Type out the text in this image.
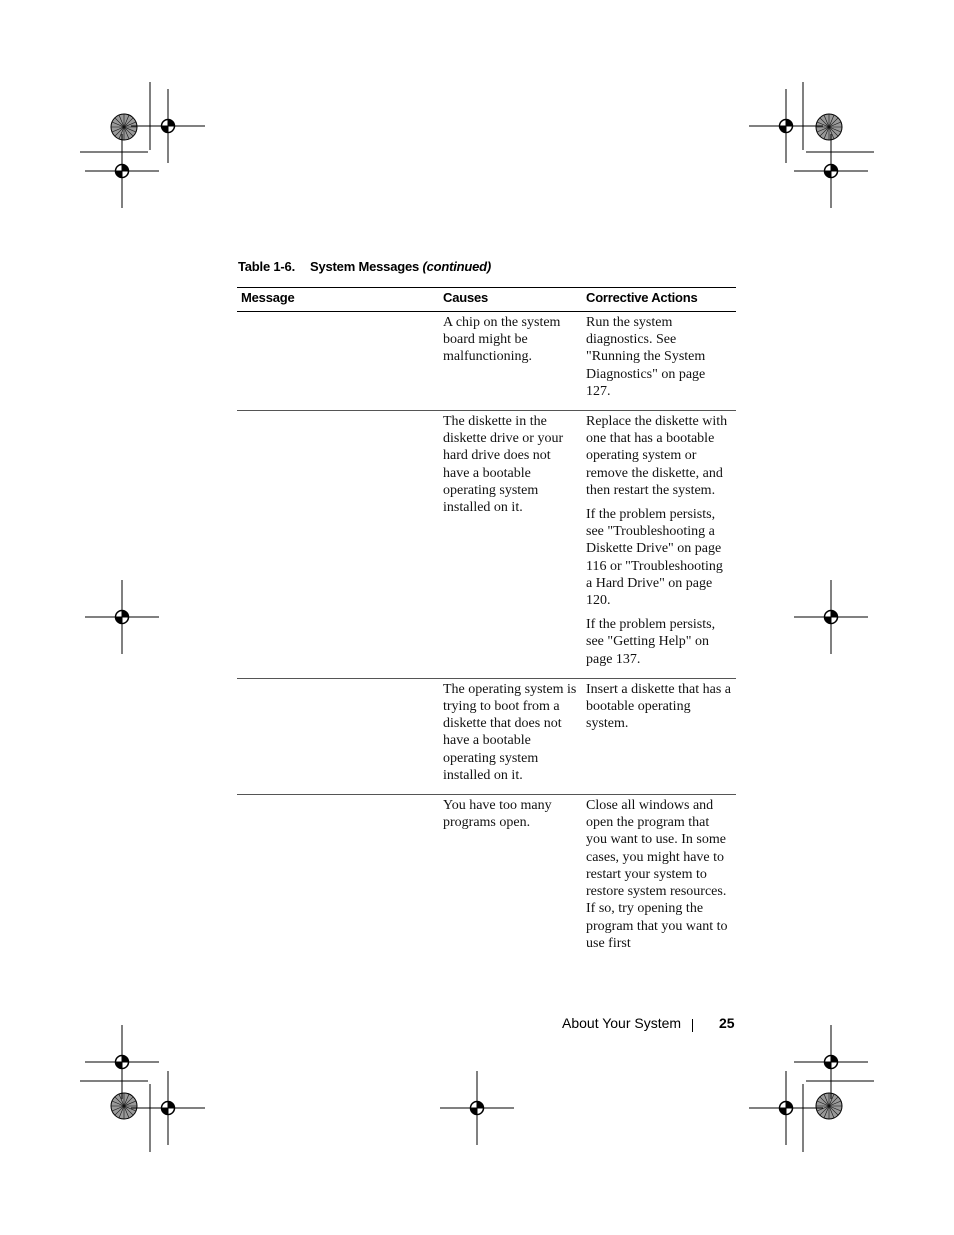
Table 1-6. System Messages (continued)
Message	Causes	Corrective Actions
	A chip on the system board might be malfunctioning.	Run the system diagnostics. See "Running the System Diagnostics" on page 127.

	The diskette in the diskette drive or your hard drive does not have a bootable operating system installed on it.	Replace the diskette with one that has a bootable operating system or remove the diskette, and then restart the system.

If the problem persists, see "Troubleshooting a Diskette Drive" on page 116 or "Troubleshooting a Hard Drive" on page 120.

If the problem persists, see "Getting Help" on page 137.

	The operating system is trying to boot from a diskette that does not have a bootable operating system installed on it.	Insert a diskette that has a bootable operating system.

	You have too many programs open.	Close all windows and open the program that you want to use. In some cases, you might have to restart your system to restore system resources. If so, try opening the program that you want to use first

About Your System	25
